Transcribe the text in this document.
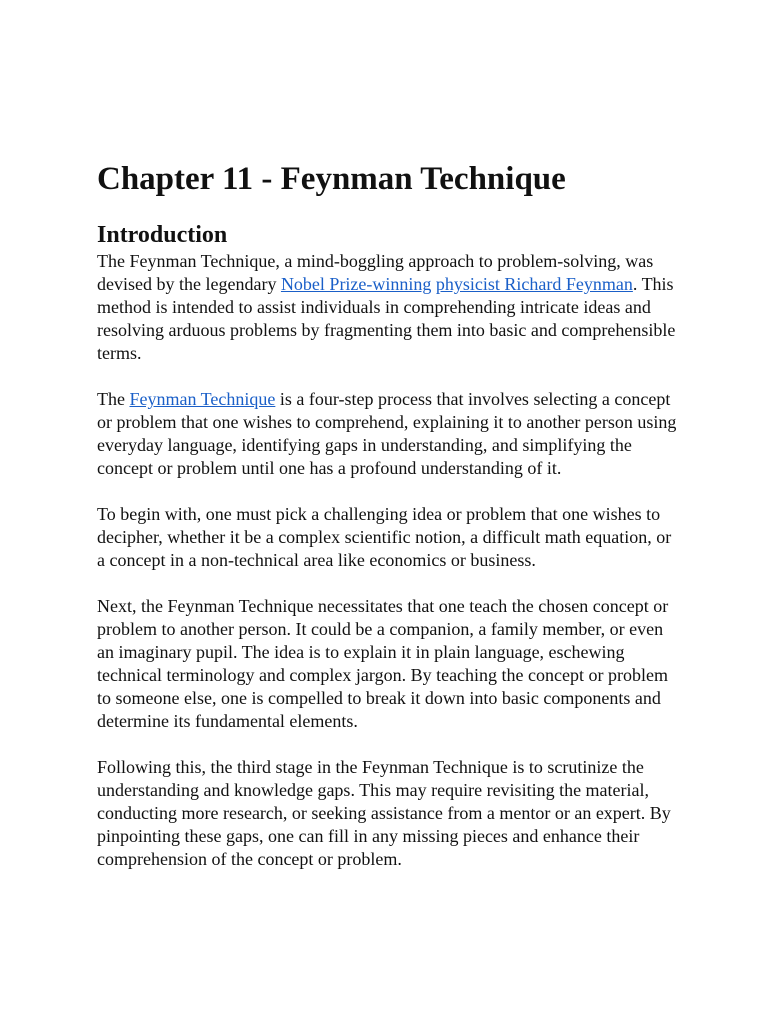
Chapter 11 - Feynman Technique
Introduction

The Feynman Technique, a mind-boggling approach to problem-solving, was devised by the legendary Nobel Prize-winning physicist Richard Feynman. This method is intended to assist individuals in comprehending intricate ideas and resolving arduous problems by fragmenting them into basic and comprehensible terms.

The Feynman Technique is a four-step process that involves selecting a concept or problem that one wishes to comprehend, explaining it to another person using everyday language, identifying gaps in understanding, and simplifying the concept or problem until one has a profound understanding of it.

To begin with, one must pick a challenging idea or problem that one wishes to decipher, whether it be a complex scientific notion, a difficult math equation, or a concept in a non-technical area like economics or business.

Next, the Feynman Technique necessitates that one teach the chosen concept or problem to another person. It could be a companion, a family member, or even an imaginary pupil. The idea is to explain it in plain language, eschewing technical terminology and complex jargon. By teaching the concept or problem to someone else, one is compelled to break it down into basic components and determine its fundamental elements.

Following this, the third stage in the Feynman Technique is to scrutinize the understanding and knowledge gaps. This may require revisiting the material, conducting more research, or seeking assistance from a mentor or an expert. By pinpointing these gaps, one can fill in any missing pieces and enhance their comprehension of the concept or problem.
